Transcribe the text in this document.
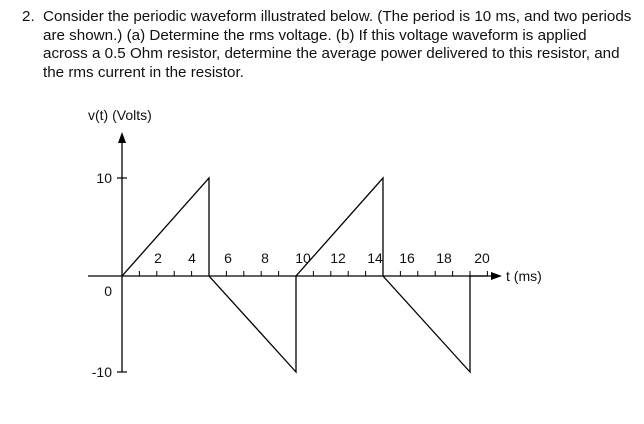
2. Consider the periodic waveform illustrated below. (The period is 10 ms, and two periods are shown.) (a) Determine the rms voltage. (b) If this voltage waveform is applied across a 0.5 Ohm resistor, determine the average power delivered to this resistor, and the rms current in the resistor.
v(t) (Volts)
t (ms)
10
0
-10
2 4 6 8 10 12 14 16 18 20
